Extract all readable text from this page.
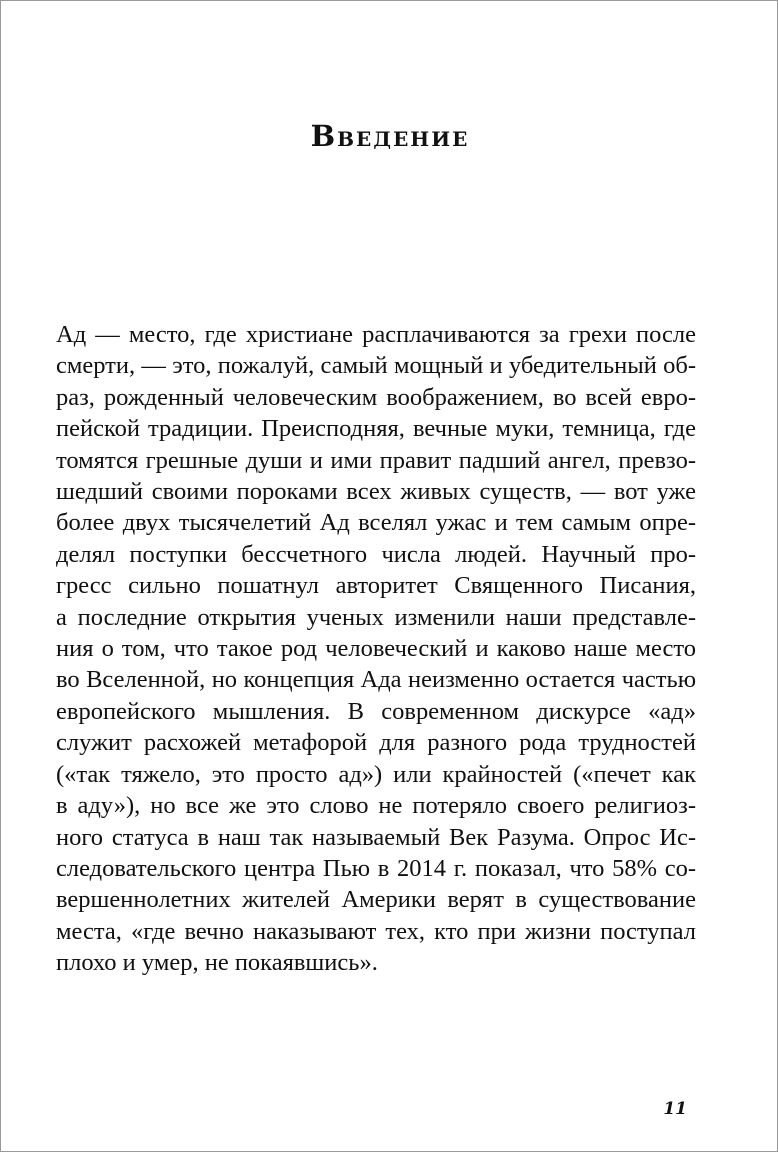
Введение
Ад — место, где христиане расплачиваются за грехи после
смерти, — это, пожалуй, самый мощный и убедительный об-
раз, рожденный человеческим воображением, во всей евро-
пейской традиции. Преисподняя, вечные муки, темница, где
томятся грешные души и ими правит падший ангел, превзо-
шедший своими пороками всех живых существ, — вот уже
более двух тысячелетий Ад вселял ужас и тем самым опре-
делял поступки бессчетного числа людей. Научный про-
гресс сильно пошатнул авторитет Священного Писания,
а последние открытия ученых изменили наши представле-
ния о том, что такое род человеческий и каково наше место
во Вселенной, но концепция Ада неизменно остается частью
европейского мышления. В современном дискурсе «ад»
служит расхожей метафорой для разного рода трудностей
(«так тяжело, это просто ад») или крайностей («печет как
в аду»), но все же это слово не потеряло своего религиоз-
ного статуса в наш так называемый Век Разума. Опрос Ис-
следовательского центра Пью в 2014 г. показал, что 58% со-
вершеннолетних жителей Америки верят в существование
места, «где вечно наказывают тех, кто при жизни поступал
плохо и умер, не покаявшись».
11
